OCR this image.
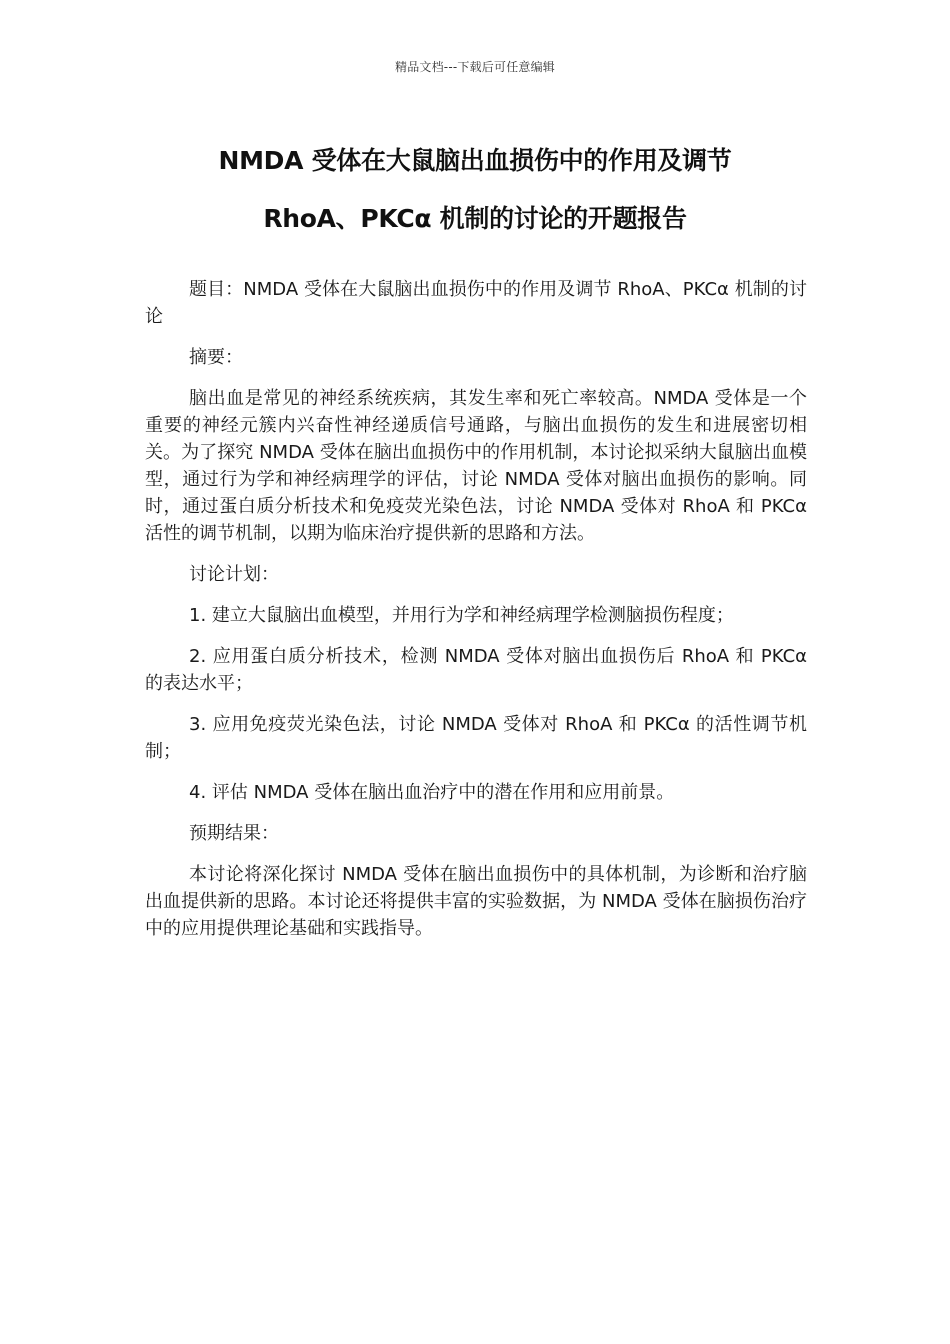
精品文档---下载后可任意编辑
NMDA 受体在大鼠脑出血损伤中的作用及调节
RhoA、PKCα 机制的讨论的开题报告

题目：NMDA 受体在大鼠脑出血损伤中的作用及调节 RhoA、PKCα 机制的讨论

摘要：

脑出血是常见的神经系统疾病，其发生率和死亡率较高。NMDA 受体是一个重要的神经元簇内兴奋性神经递质信号通路，与脑出血损伤的发生和进展密切相关。为了探究 NMDA 受体在脑出血损伤中的作用机制，本讨论拟采纳大鼠脑出血模型，通过行为学和神经病理学的评估，讨论 NMDA 受体对脑出血损伤的影响。同时，通过蛋白质分析技术和免疫荧光染色法，讨论 NMDA 受体对 RhoA 和 PKCα 活性的调节机制，以期为临床治疗提供新的思路和方法。

讨论计划：

1. 建立大鼠脑出血模型，并用行为学和神经病理学检测脑损伤程度；

2. 应用蛋白质分析技术，检测 NMDA 受体对脑出血损伤后 RhoA 和 PKCα 的表达水平；

3. 应用免疫荧光染色法，讨论 NMDA 受体对 RhoA 和 PKCα 的活性调节机制；

4. 评估 NMDA 受体在脑出血治疗中的潜在作用和应用前景。

预期结果：

本讨论将深化探讨 NMDA 受体在脑出血损伤中的具体机制，为诊断和治疗脑出血提供新的思路。本讨论还将提供丰富的实验数据，为 NMDA 受体在脑损伤治疗中的应用提供理论基础和实践指导。
